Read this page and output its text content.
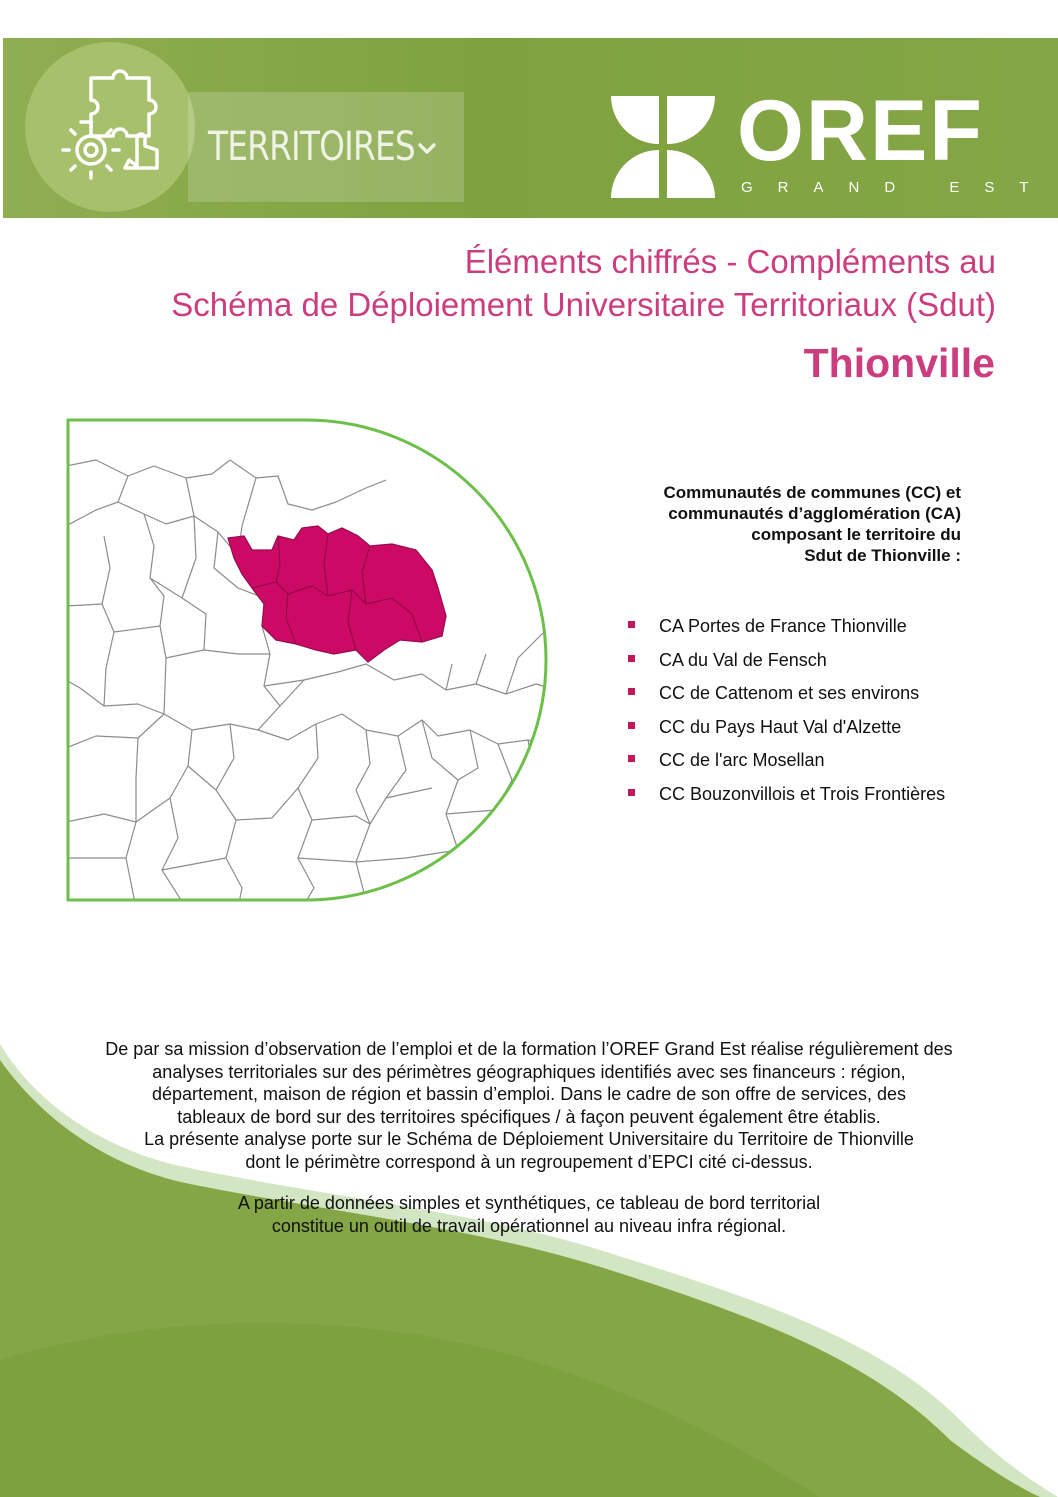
TERRITOIRES	OREF
GRAND EST
Éléments chiffrés - Compléments au
Schéma de Déploiement Universitaire Territoriaux (Sdut)
Thionville
Communautés de communes (CC) et
communautés d’agglomération (CA)
composant le territoire du
Sdut de Thionville :
CA Portes de France Thionville
CA du Val de Fensch
CC de Cattenom et ses environs
CC du Pays Haut Val d'Alzette
CC de l'arc Mosellan
CC Bouzonvillois et Trois Frontières
De par sa mission d’observation de l’emploi et de la formation l’OREF Grand Est réalise régulièrement des
analyses territoriales sur des périmètres géographiques identifiés avec ses financeurs : région,
département, maison de région et bassin d’emploi. Dans le cadre de son offre de services, des
tableaux de bord sur des territoires spécifiques / à façon peuvent également être établis.
La présente analyse porte sur le Schéma de Déploiement Universitaire du Territoire de Thionville
dont le périmètre correspond à un regroupement d’EPCI cité ci-dessus.
A partir de données simples et synthétiques, ce tableau de bord territorial
constitue un outil de travail opérationnel au niveau infra régional.
